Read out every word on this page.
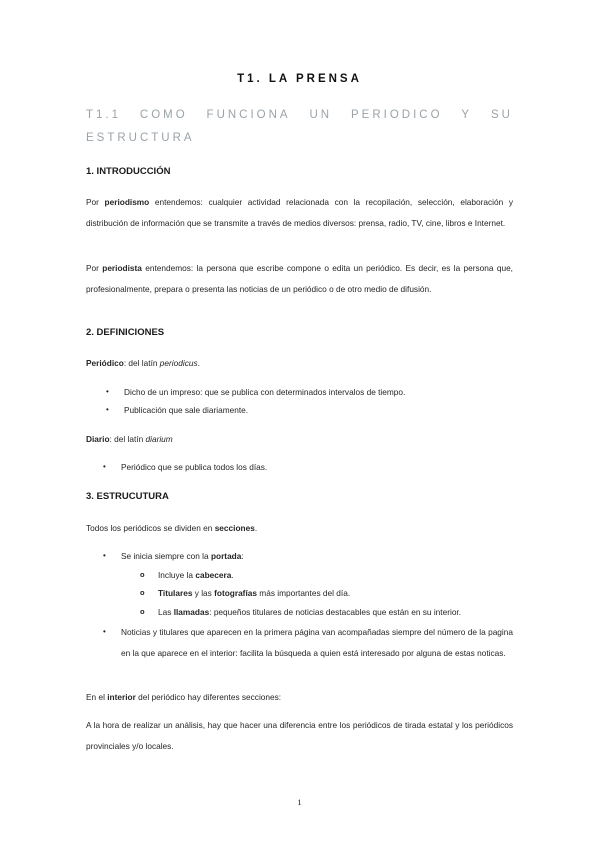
T1. LA PRENSA
T1.1 COMO FUNCIONA UN PERIODICO Y SU
ESTRUCTURA
1. INTRODUCCIÓN
Por periodismo entendemos: cualquier actividad relacionada con la recopilación, selección, elaboración y distribución de información que se transmite a través de medios diversos: prensa, radio, TV, cine, libros e Internet.
Por periodista entendemos: la persona que escribe compone o edita un periódico. Es decir, es la persona que, profesionalmente, prepara o presenta las noticias de un periódico o de otro medio de difusión.
2. DEFINICIONES
Periódico: del latín periodicus.
• Dicho de un impreso: que se publica con determinados intervalos de tiempo.
• Publicación que sale diariamente.
Diario: del latín diarium
• Periódico que se publica todos los días.
3. ESTRUCUTURA
Todos los periódicos se dividen en secciones.
• Se inicia siempre con la portada:
o Incluye la cabecera.
o Titulares y las fotografías más importantes del día.
o Las llamadas: pequeños titulares de noticias destacables que están en su interior.
• Noticias y titulares que aparecen en la primera página van acompañadas siempre del número de la pagina en la que aparece en el interior: facilita la búsqueda a quien está interesado por alguna de estas noticas.
En el interior del periódico hay diferentes secciones:
A la hora de realizar un análisis, hay que hacer una diferencia entre los periódicos de tirada estatal y los periódicos provinciales y/o locales.
1
